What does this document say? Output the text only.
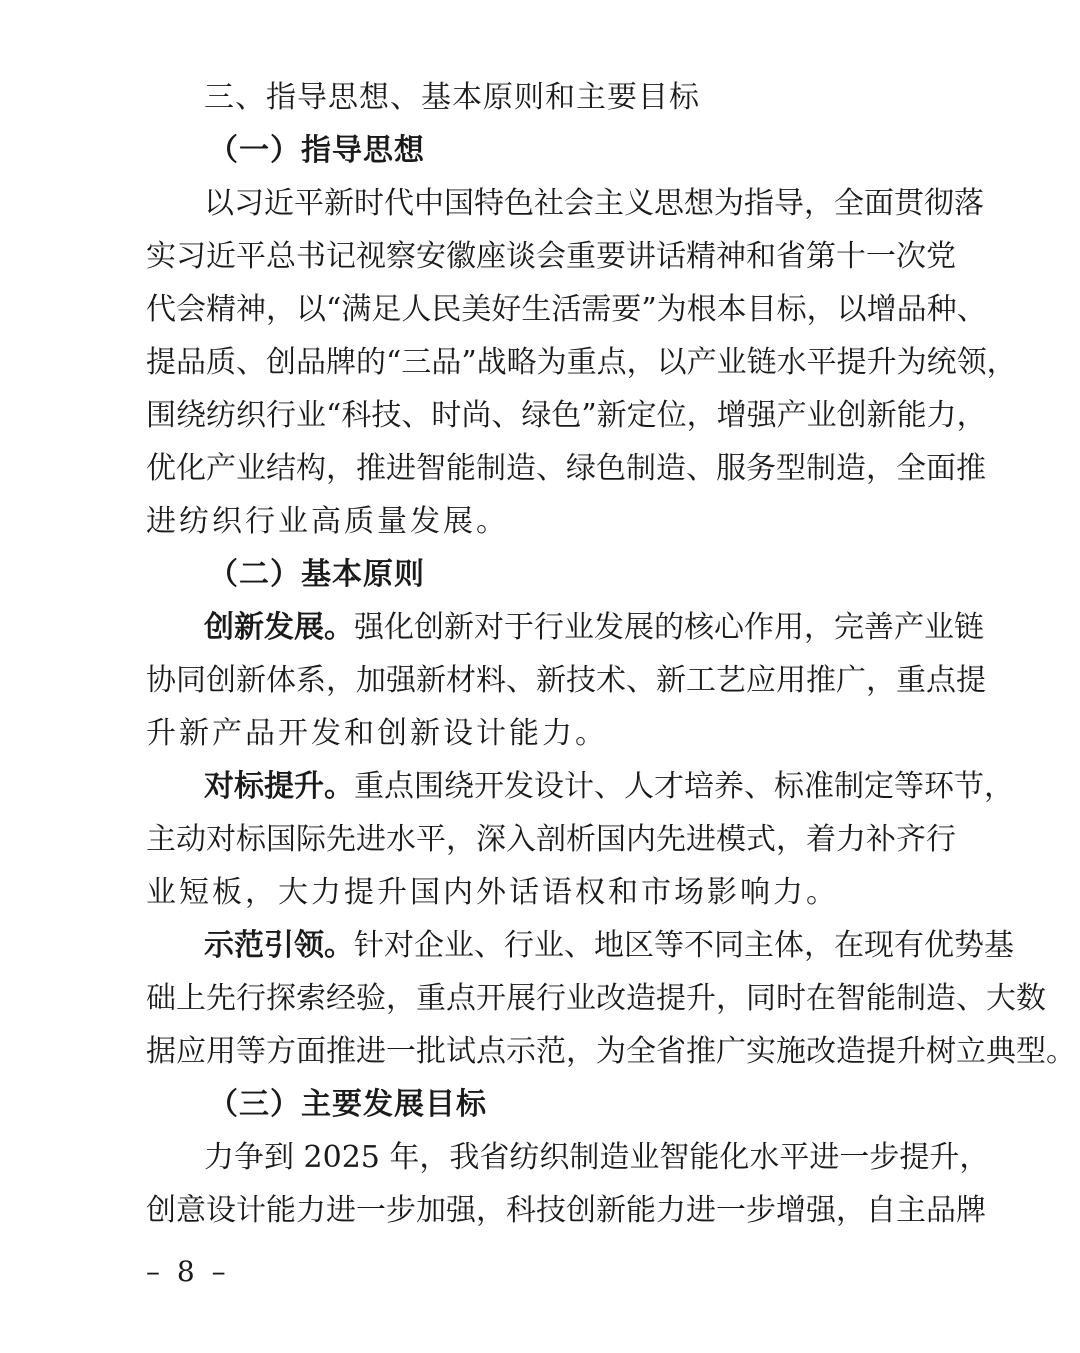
三、指导思想、基本原则和主要目标
（一）指导思想
以习近平新时代中国特色社会主义思想为指导，全面贯彻落
实习近平总书记视察安徽座谈会重要讲话精神和省第十一次党
代会精神，以“满足人民美好生活需要”为根本目标，以增品种、
提品质、创品牌的“三品”战略为重点，以产业链水平提升为统领，
围绕纺织行业“科技、时尚、绿色”新定位，增强产业创新能力，
优化产业结构，推进智能制造、绿色制造、服务型制造，全面推
进纺织行业高质量发展。
（二）基本原则
创新发展。强化创新对于行业发展的核心作用，完善产业链
协同创新体系，加强新材料、新技术、新工艺应用推广，重点提
升新产品开发和创新设计能力。
对标提升。重点围绕开发设计、人才培养、标准制定等环节，
主动对标国际先进水平，深入剖析国内先进模式，着力补齐行
业短板，大力提升国内外话语权和市场影响力。
示范引领。针对企业、行业、地区等不同主体，在现有优势基
础上先行探索经验，重点开展行业改造提升，同时在智能制造、大数
据应用等方面推进一批试点示范，为全省推广实施改造提升树立典型。
（三）主要发展目标
力争到 2025 年，我省纺织制造业智能化水平进一步提升，
创意设计能力进一步加强，科技创新能力进一步增强，自主品牌
– 8 –
